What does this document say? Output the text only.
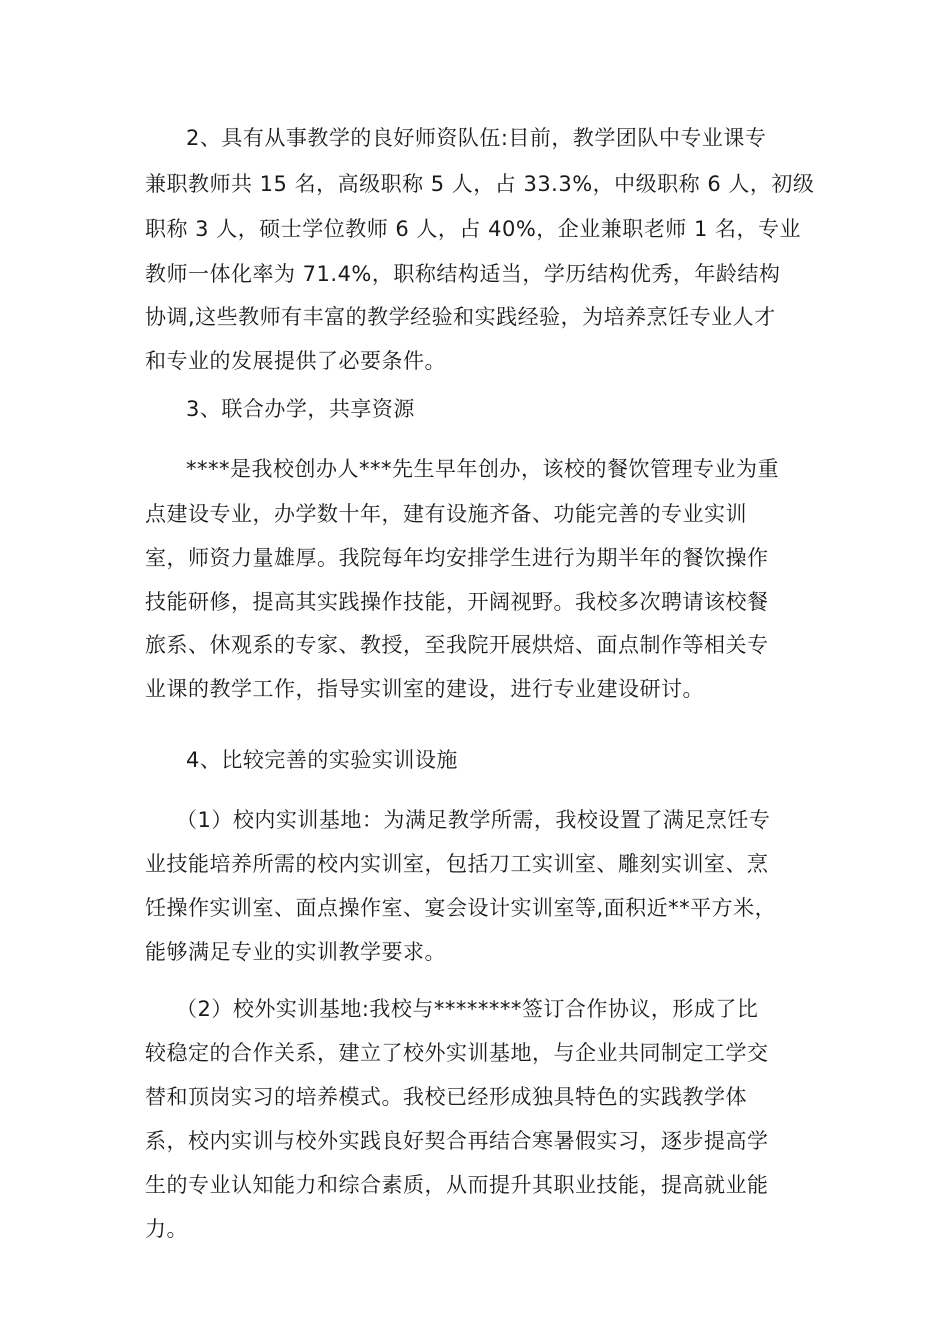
2、具有从事教学的良好师资队伍:目前，教学团队中专业课专

兼职教师共 15 名，高级职称 5 人，占 33.3%，中级职称 6 人，初级

职称 3 人，硕士学位教师 6 人，占 40%，企业兼职老师 1 名，专业

教师一体化率为 71.4%，职称结构适当，学历结构优秀，年龄结构

协调,这些教师有丰富的教学经验和实践经验，为培养烹饪专业人才

和专业的发展提供了必要条件。

3、联合办学，共享资源

****是我校创办人***先生早年创办，该校的餐饮管理专业为重

点建设专业，办学数十年，建有设施齐备、功能完善的专业实训

室，师资力量雄厚。我院每年均安排学生进行为期半年的餐饮操作

技能研修，提高其实践操作技能，开阔视野。我校多次聘请该校餐

旅系、休观系的专家、教授，至我院开展烘焙、面点制作等相关专

业课的教学工作，指导实训室的建设，进行专业建设研讨。

4、比较完善的实验实训设施

（1）校内实训基地：为满足教学所需，我校设置了满足烹饪专

业技能培养所需的校内实训室，包括刀工实训室、雕刻实训室、烹

饪操作实训室、面点操作室、宴会设计实训室等,面积近**平方米，

能够满足专业的实训教学要求。

（2）校外实训基地:我校与********签订合作协议，形成了比

较稳定的合作关系，建立了校外实训基地，与企业共同制定工学交

替和顶岗实习的培养模式。我校已经形成独具特色的实践教学体

系，校内实训与校外实践良好契合再结合寒暑假实习，逐步提高学

生的专业认知能力和综合素质，从而提升其职业技能，提高就业能

力。
